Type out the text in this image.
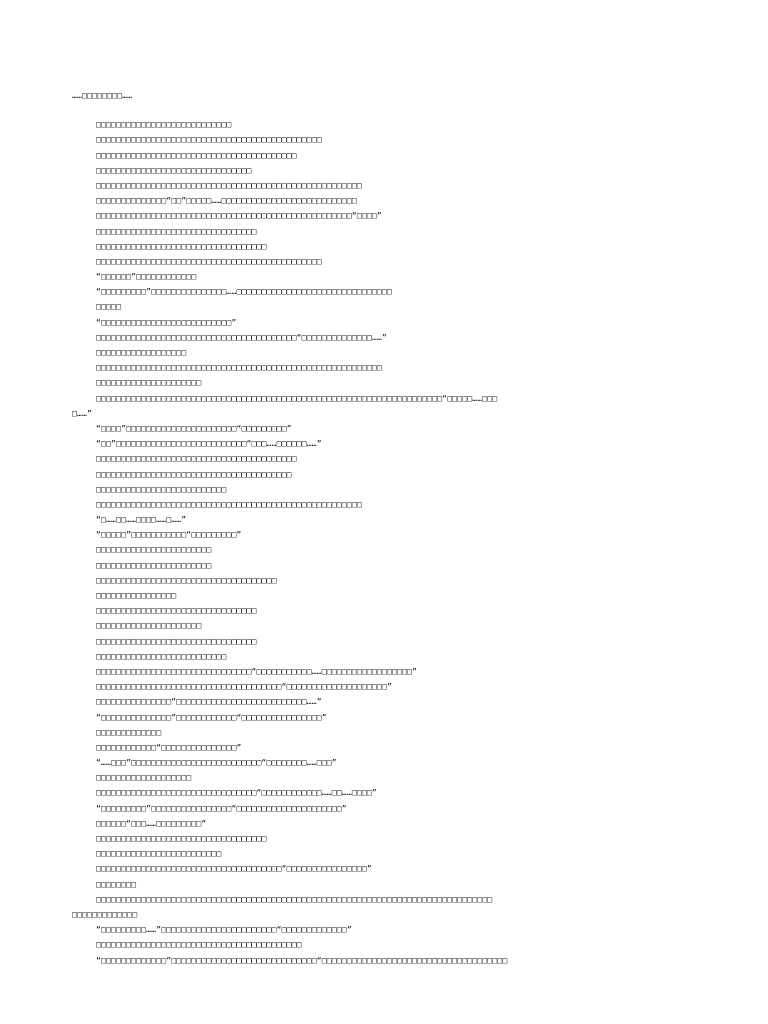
……□□□□□□□□……
□□□□□□□□□□□□□□□□□□□□□□□□□□□
□□□□□□□□□□□□□□□□□□□□□□□□□□□□□□□□□□□□□□□□□□□□□
□□□□□□□□□□□□□□□□□□□□□□□□□□□□□□□□□□□□□□□□
□□□□□□□□□□□□□□□□□□□□□□□□□□□□□□□
□□□□□□□□□□□□□□□□□□□□□□□□□□□□□□□□□□□□□□□□□□□□□□□□□□□□□
□□□□□□□□□□□□□□“□□”□□□□□……□□□□□□□□□□□□□□□□□□□□□□□□□□□
□□□□□□□□□□□□□□□□□□□□□□□□□□□□□□□□□□□□□□□□□□□□□□□□□□□“□□□□”
□□□□□□□□□□□□□□□□□□□□□□□□□□□□□□□□
□□□□□□□□□□□□□□□□□□□□□□□□□□□□□□□□□□
□□□□□□□□□□□□□□□□□□□□□□□□□□□□□□□□□□□□□□□□□□□□□
“□□□□□□”□□□□□□□□□□□□
“□□□□□□□□□”□□□□□□□□□□□□□□□……□□□□□□□□□□□□□□□□□□□□□□□□□□□□□□□
□□□□□
“□□□□□□□□□□□□□□□□□□□□□□□□□□”
□□□□□□□□□□□□□□□□□□□□□□□□□□□□□□□□□□□□□□□□“□□□□□□□□□□□□□□……”
□□□□□□□□□□□□□□□□□□
□□□□□□□□□□□□□□□□□□□□□□□□□□□□□□□□□□□□□□□□□□□□□□□□□□□□□□□□□
□□□□□□□□□□□□□□□□□□□□□
□□□□□□□□□□□□□□□□□□□□□□□□□□□□□□□□□□□□□□□□□□□□□□□□□□□□□□□□□□□□□□□□□□□□□“□□□□□……□□□
□……”
“□□□□”□□□□□□□□□□□□□□□□□□□□□□“□□□□□□□□□”
“□□”□□□□□□□□□□□□□□□□□□□□□□□□□□“□□□……□□□□□□……”
□□□□□□□□□□□□□□□□□□□□□□□□□□□□□□□□□□□□□□□□
□□□□□□□□□□□□□□□□□□□□□□□□□□□□□□□□□□□□□□□
□□□□□□□□□□□□□□□□□□□□□□□□□□
□□□□□□□□□□□□□□□□□□□□□□□□□□□□□□□□□□□□□□□□□□□□□□□□□□□□□
“□……□□……□□□□……□……”
“□□□□□”□□□□□□□□□□□“□□□□□□□□□”
□□□□□□□□□□□□□□□□□□□□□□□
□□□□□□□□□□□□□□□□□□□□□□□
□□□□□□□□□□□□□□□□□□□□□□□□□□□□□□□□□□□□
□□□□□□□□□□□□□□□□
□□□□□□□□□□□□□□□□□□□□□□□□□□□□□□□□
□□□□□□□□□□□□□□□□□□□□□
□□□□□□□□□□□□□□□□□□□□□□□□□□□□□□□□
□□□□□□□□□□□□□□□□□□□□□□□□□□
□□□□□□□□□□□□□□□□□□□□□□□□□□□□□□□“□□□□□□□□□□□……□□□□□□□□□□□□□□□□□□”
□□□□□□□□□□□□□□□□□□□□□□□□□□□□□□□□□□□□□“□□□□□□□□□□□□□□□□□□□□”
□□□□□□□□□□□□□□□“□□□□□□□□□□□□□□□□□□□□□□□□□□……”
“□□□□□□□□□□□□□□”□□□□□□□□□□□□“□□□□□□□□□□□□□□□□”
□□□□□□□□□□□□□
□□□□□□□□□□□□“□□□□□□□□□□□□□□□”
“……□□□”□□□□□□□□□□□□□□□□□□□□□□□□□□“□□□□□□□□……□□□”
□□□□□□□□□□□□□□□□□□□
□□□□□□□□□□□□□□□□□□□□□□□□□□□□□□□□“□□□□□□□□□□□□……□□……□□□□”
“□□□□□□□□□”□□□□□□□□□□□□□□□□“□□□□□□□□□□□□□□□□□□□□□”
□□□□□□“□□□……□□□□□□□□□”
□□□□□□□□□□□□□□□□□□□□□□□□□□□□□□□□□□
□□□□□□□□□□□□□□□□□□□□□□□□□
□□□□□□□□□□□□□□□□□□□□□□□□□□□□□□□□□□□□□“□□□□□□□□□□□□□□□□”
□□□□□□□□
□□□□□□□□□□□□□□□□□□□□□□□□□□□□□□□□□□□□□□□□□□□□□□□□□□□□□□□□□□□□□□□□□□□□□□□□□□□□□□□
□□□□□□□□□□□□□
“□□□□□□□□□……”□□□□□□□□□□□□□□□□□□□□□□□“□□□□□□□□□□□□□”
□□□□□□□□□□□□□□□□□□□□□□□□□□□□□□□□□□□□□□□□□
“□□□□□□□□□□□□□”□□□□□□□□□□□□□□□□□□□□□□□□□□□□□“□□□□□□□□□□□□□□□□□□□□□□□□□□□□□□□□□□□□□
